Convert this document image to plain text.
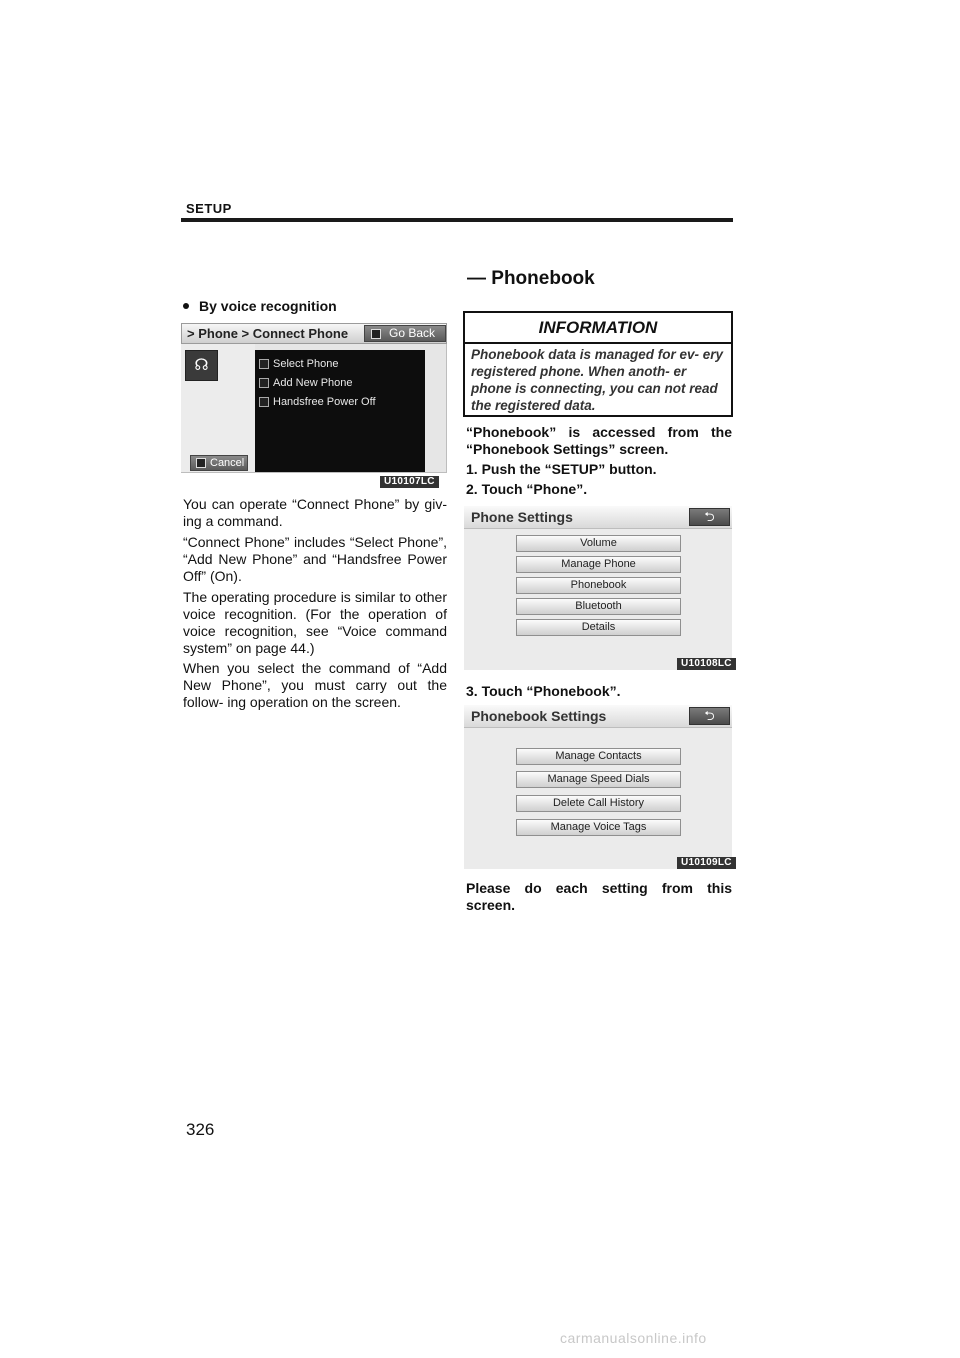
SETUP
— Phonebook
By voice recognition
> Phone > Connect Phone	Go Back
☊
Cancel
Select Phone
Add New Phone
Handsfree Power Off
U10107LC
You can operate “Connect Phone” by giv- ing a command.
“Connect Phone” includes “Select Phone”, “Add New Phone” and “Handsfree Power Off” (On).
The operating procedure is similar to other voice recognition. (For the operation of voice recognition, see “Voice command system” on page 44.)
When you select the command of “Add New Phone”, you must carry out the follow- ing operation on the screen.
INFORMATION
Phonebook data is managed for ev- ery registered phone. When anoth- er phone is connecting, you can not read the registered data.
“Phonebook” is accessed from the “Phonebook Settings” screen.
1. Push the “SETUP” button.
2. Touch “Phone”.
Phone Settings	⮌
Volume
Manage Phone
Phonebook
Bluetooth
Details
U10108LC
3. Touch “Phonebook”.
Phonebook Settings	⮌
Manage Contacts
Manage Speed Dials
Delete Call History
Manage Voice Tags
U10109LC
Please do each setting from this screen.
326
carmanualsonline.info
